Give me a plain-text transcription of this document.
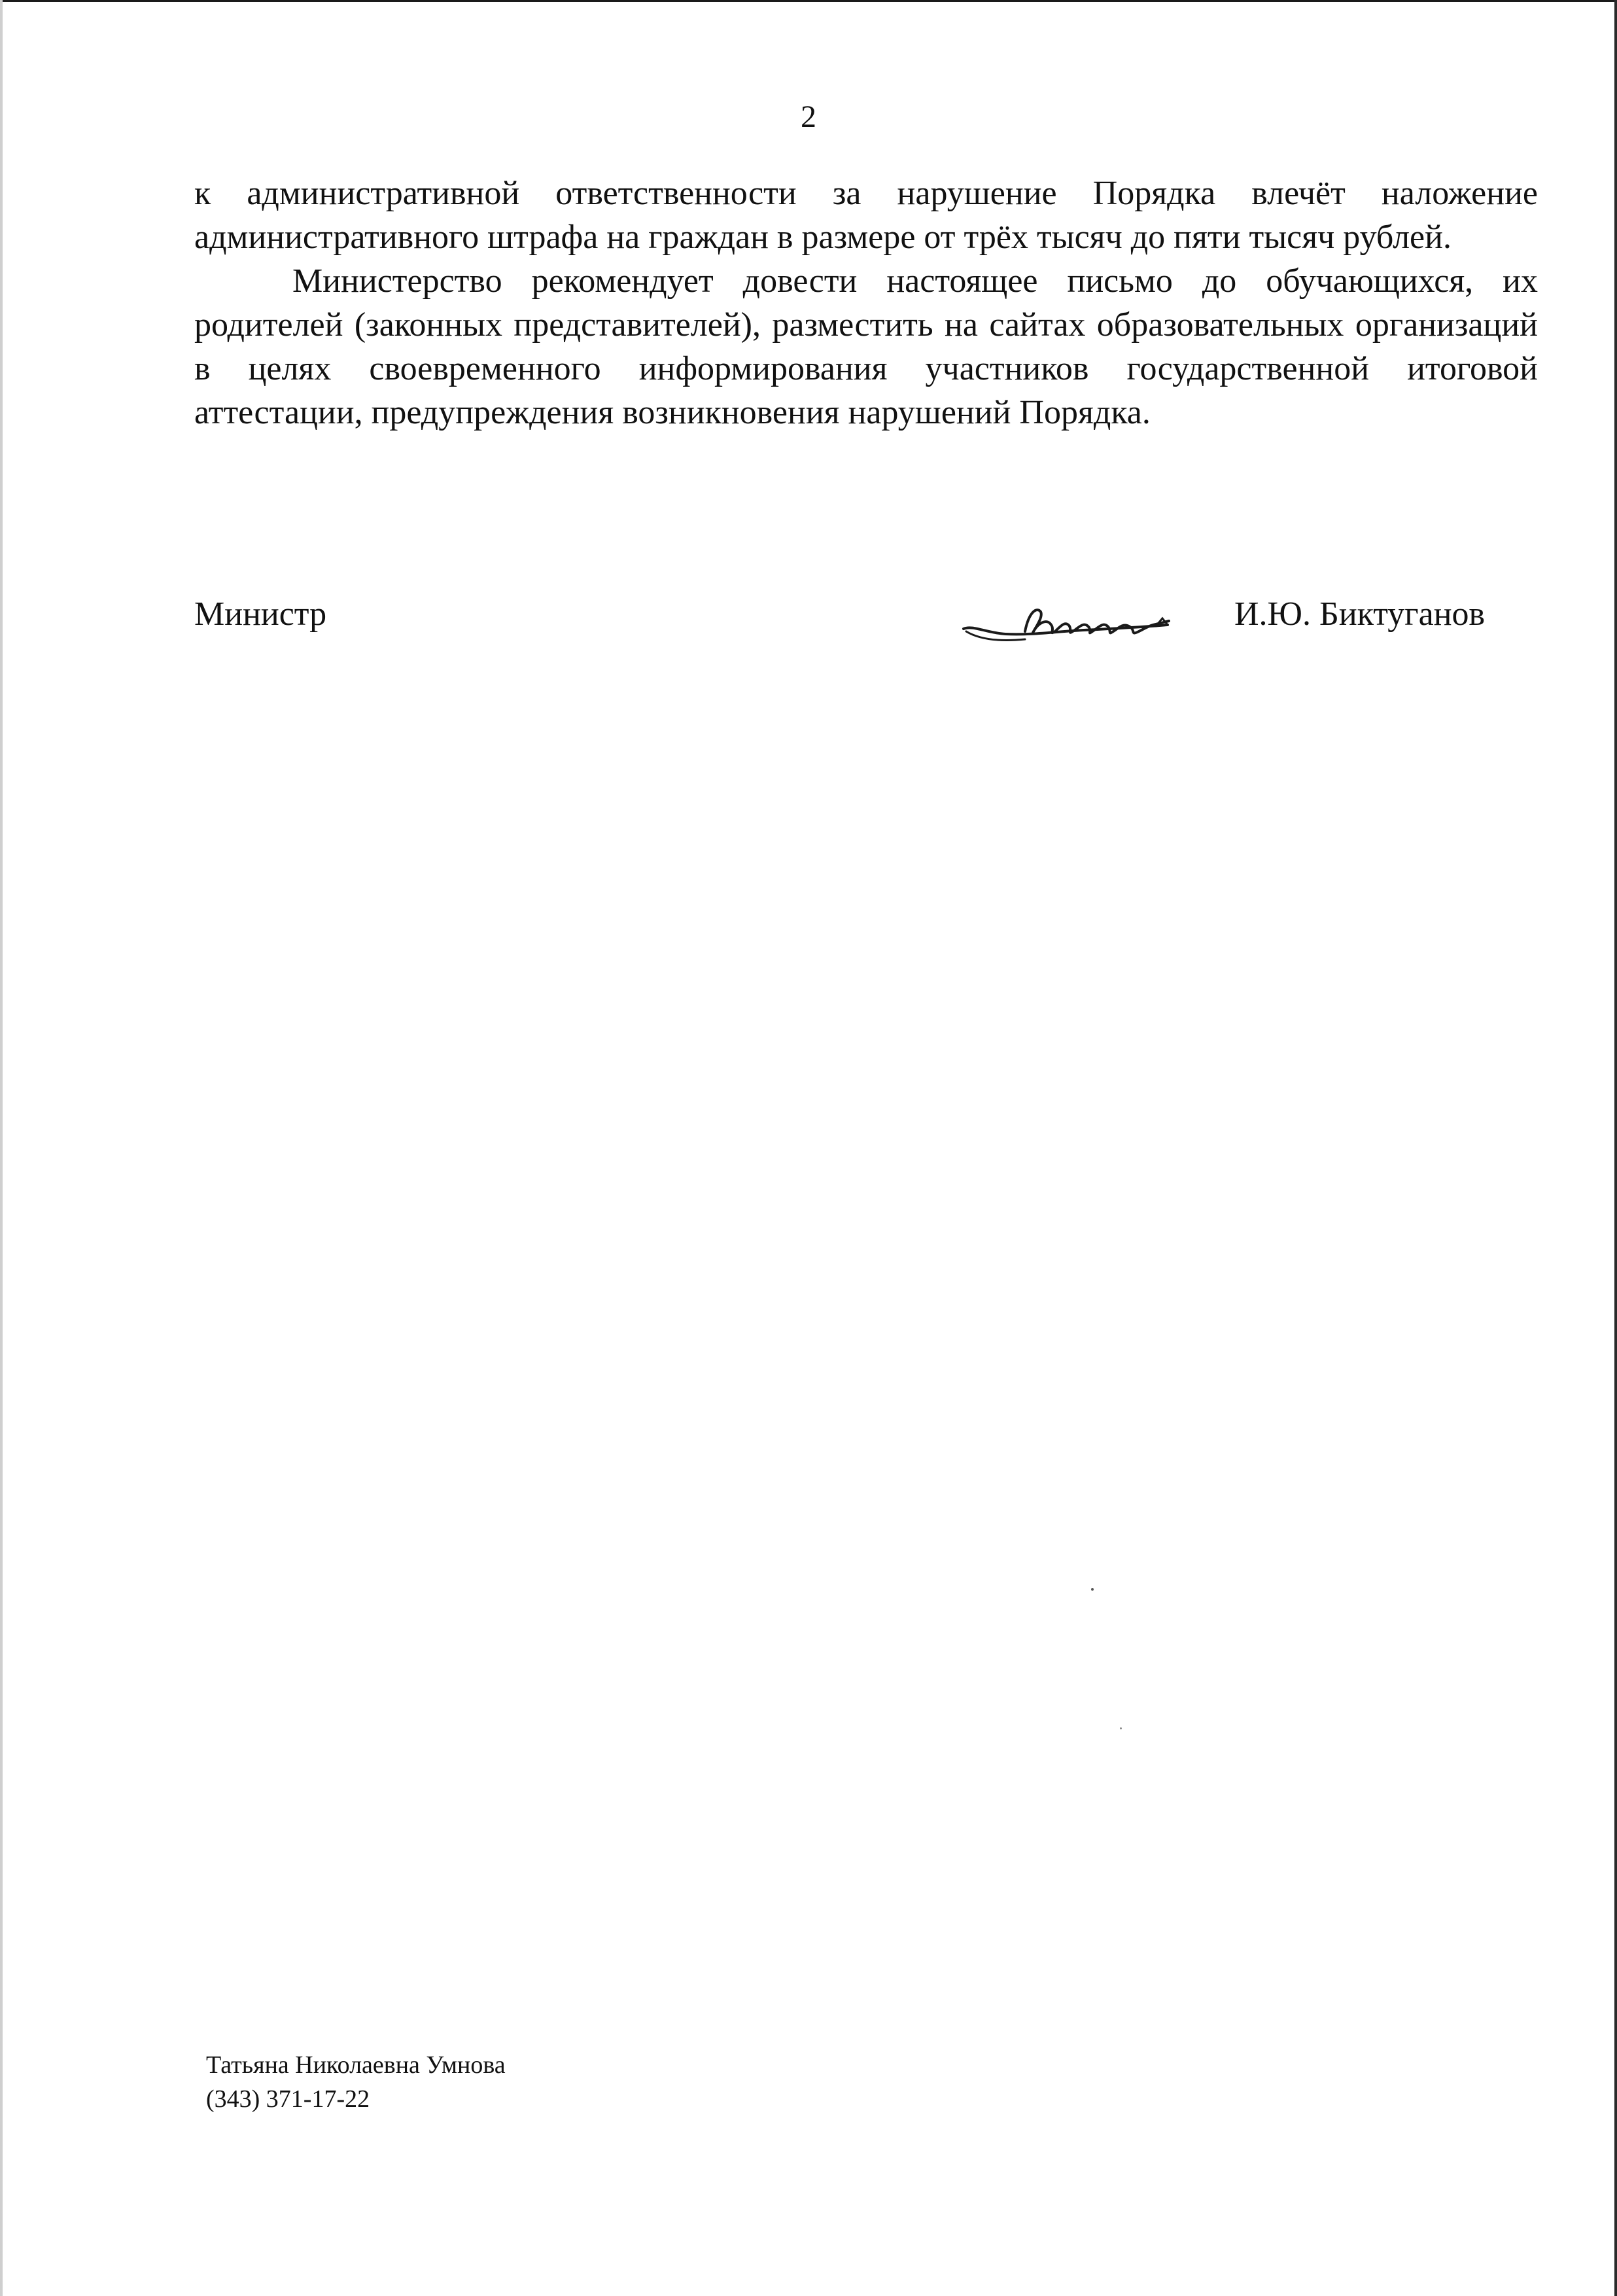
2

к административной ответственности за нарушение Порядка влечёт наложение административного штрафа на граждан в размере от трёх тысяч до пяти тысяч рублей.

Министерство рекомендует довести настоящее письмо до обучающихся, их родителей (законных представителей), разместить на сайтах образовательных организаций в целях своевременного информирования участников государственной итоговой аттестации, предупреждения возникновения нарушений Порядка.

Министр	И.Ю. Биктуганов
Татьяна Николаевна Умнова
(343) 371-17-22
